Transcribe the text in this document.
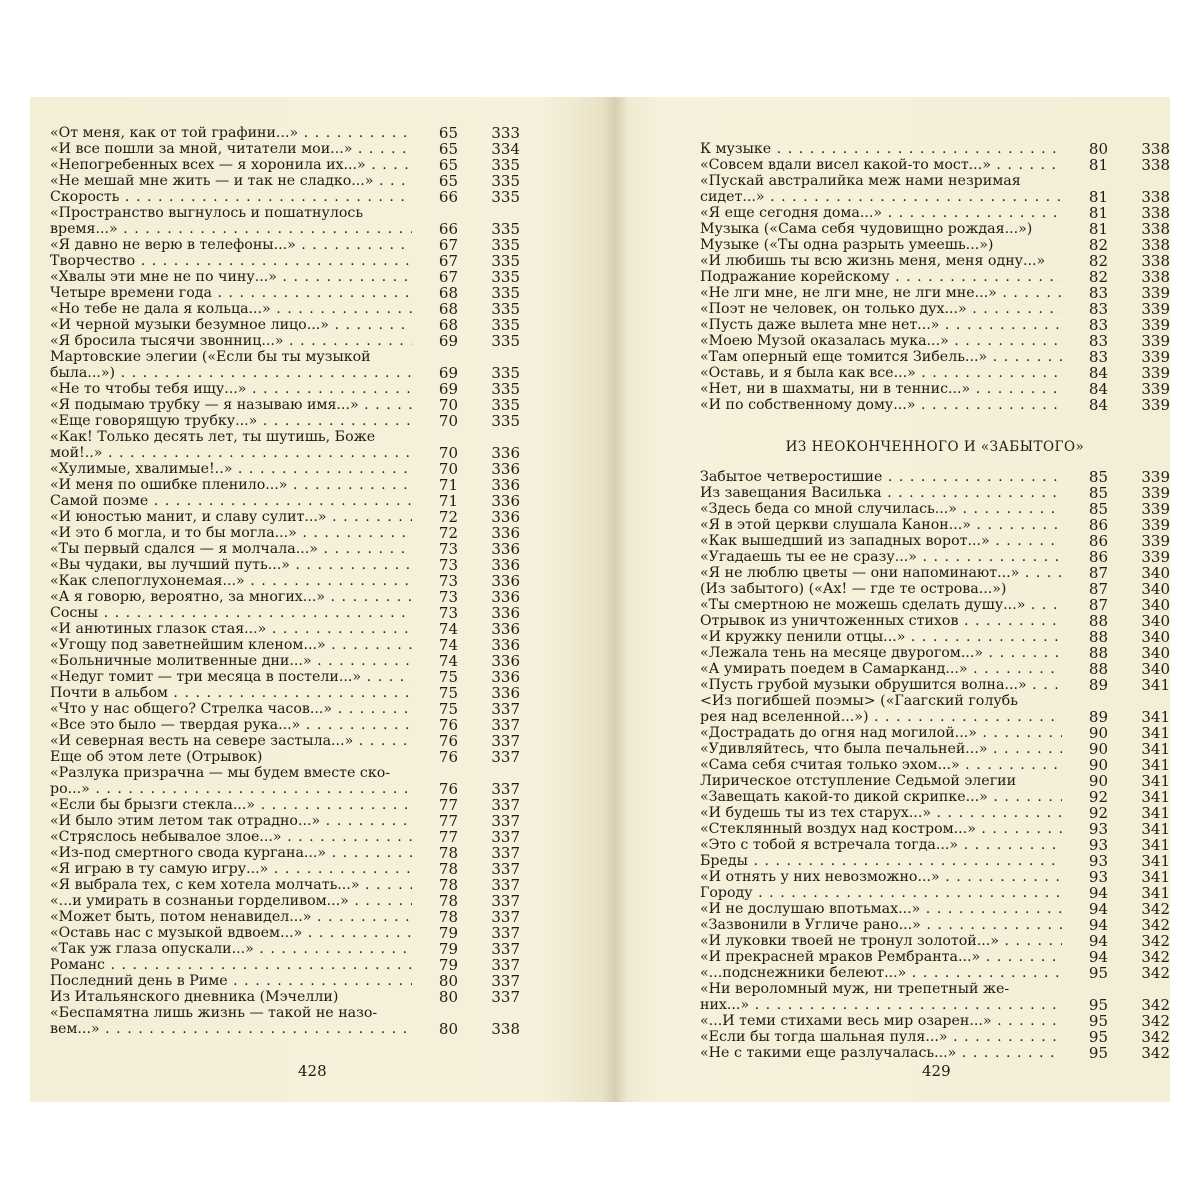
«От меня, как от той графини...» . . .	65	333
«И все пошли за мной, читатели мои...» . . .	65	334
«Непогребенных всех — я хоронила их...» . . .	65	335
«Не мешай мне жить — и так не сладко...» . . .	65	335
Скорость . . .	66	335
«Пространство выгнулось и пошатнулось
время...» . . .	66	335
«Я давно не верю в телефоны...» . . .	67	335
Творчество . . .	67	335
«Хвалы эти мне не по чину...» . . .	67	335
Четыре времени года . . .	68	335
«Но тебе не дала я кольца...» . . .	68	335
«И черной музыки безумное лицо...» . . .	68	335
«Я бросила тысячи звонниц...» . . .	69	335
Мартовские элегии («Если бы ты музыкой
была...») . . .	69	335
«Не то чтобы тебя ищу...» . . .	69	335
«Я подымаю трубку — я называю имя...» . . .	70	335
«Еще говорящую трубку...» . . .	70	335
«Как! Только десять лет, ты шутишь, Боже
мой!..» . . .	70	336
«Хулимые, хвалимые!..» . . .	70	336
«И меня по ошибке пленило...» . . .	71	336
Самой поэме . . .	71	336
«И юностью манит, и славу сулит...» . . .	72	336
«И это б могла, и то бы могла...» . . .	72	336
«Ты первый сдался — я молчала...» . . .	73	336
«Вы чудаки, вы лучший путь...» . . .	73	336
«Как слепоглухонемая...» . . .	73	336
«А я говорю, вероятно, за многих...» . . .	73	336
Сосны . . .	73	336
«И анютиных глазок стая...» . . .	74	336
«Угощу под заветнейшим кленом...» . . .	74	336
«Больничные молитвенные дни...» . . .	74	336
«Недуг томит — три месяца в постели...» . . .	75	336
Почти в альбом . . .	75	336
«Что у нас общего? Стрелка часов...» . . .	75	337
«Все это было — твердая рука...» . . .	76	337
«И северная весть на севере застыла...» . . .	76	337
Еще об этом лете (Отрывок)	76	337
«Разлука призрачна — мы будем вместе ско-
ро...» . . .	76	337
«Если бы брызги стекла...» . . .	77	337
«И было этим летом так отрадно...» . . .	77	337
«Стряслось небывалое злое...» . . .	77	337
«Из-под смертного свода кургана...» . . .	78	337
«Я играю в ту самую игру...» . . .	78	337
«Я выбрала тех, с кем хотела молчать...» . . .	78	337
«...и умирать в сознаньи горделивом...» . . .	78	337
«Может быть, потом ненавидел...» . . .	78	337
«Оставь нас с музыкой вдвоем...» . . .	79	337
«Так уж глаза опускали...» . . .	79	337
Романс . . .	79	337
Последний день в Риме . . .	80	337
Из Итальянского дневника (Мэчелли)	80	337
«Беспамятна лишь жизнь — такой не назо-
вем...» . . .	80	338
428
К музыке . . .	80	338
«Совсем вдали висел какой-то мост...» . . .	81	338
«Пускай австралийка меж нами незримая
сидет...» . . .	81	338
«Я еще сегодня дома...» . . .	81	338
Музыка («Сама себя чудовищно рождая...»)	81	338
Музыке («Ты одна разрыть умеешь...»)	82	338
«И любишь ты всю жизнь меня, меня одну...»	82	338
Подражание корейскому . . .	82	338
«Не лги мне, не лги мне, не лги мне...» . . .	83	339
«Поэт не человек, он только дух...» . . .	83	339
«Пусть даже вылета мне нет...» . . .	83	339
«Моею Музой оказалась мука...» . . .	83	339
«Там оперный еще томится Зибель...» . . .	83	339
«Оставь, и я была как все...» . . .	84	339
«Нет, ни в шахматы, ни в теннис...» . . .	84	339
«И по собственному дому...» . . .	84	339
ИЗ НЕОКОНЧЕННОГО И «ЗАБЫТОГО»
Забытое четверостишие . . .	85	339
Из завещания Василька . . .	85	339
«Здесь беда со мной случилась...» . . .	85	339
«Я в этой церкви слушала Канон...» . . .	86	339
«Как вышедший из западных ворот...» . . .	86	339
«Угадаешь ты ее не сразу...» . . .	86	339
«Я не люблю цветы — они напоминают...» . . .	87	340
(Из забытого) («Ах! — где те острова...»)	87	340
«Ты смертною не можешь сделать душу...» . . .	87	340
Отрывок из уничтоженных стихов . . .	88	340
«И кружку пенили отцы...» . . .	88	340
«Лежала тень на месяце двурогом...» . . .	88	340
«А умирать поедем в Самарканд...» . . .	88	340
«Пусть грубой музыки обрушится волна...» . . .	89	341
<Из погибшей поэмы> («Гаагский голубь
рея над вселенной...») . . .	89	341
«Дострадать до огня над могилой...» . . .	90	341
«Удивляйтесь, что была печальней...» . . .	90	341
«Сама себя считая только эхом...» . . .	90	341
Лирическое отступление Седьмой элегии	90	341
«Завещать какой-то дикой скрипке...» . . .	92	341
«И будешь ты из тех старух...» . . .	92	341
«Стеклянный воздух над костром...» . . .	93	341
«Это с тобой я встречала тогда...» . . .	93	341
Бреды . . .	93	341
«И отнять у них невозможно...» . . .	93	341
Городу . . .	94	341
«И не дослушаю впотьмах...» . . .	94	342
«Зазвонили в Угличе рано...» . . .	94	342
«И луковки твоей не тронул золотой...» . . .	94	342
«И прекрасней мраков Рембранта...» . . .	94	342
«...подснежники белеют...» . . .	95	342
«Ни вероломный муж, ни трепетный же-
них...» . . .	95	342
«...И теми стихами весь мир озарен...» . . .	95	342
«Если бы тогда шальная пуля...» . . .	95	342
«Не с такими еще разлучалась...» . . .	95	342
429
